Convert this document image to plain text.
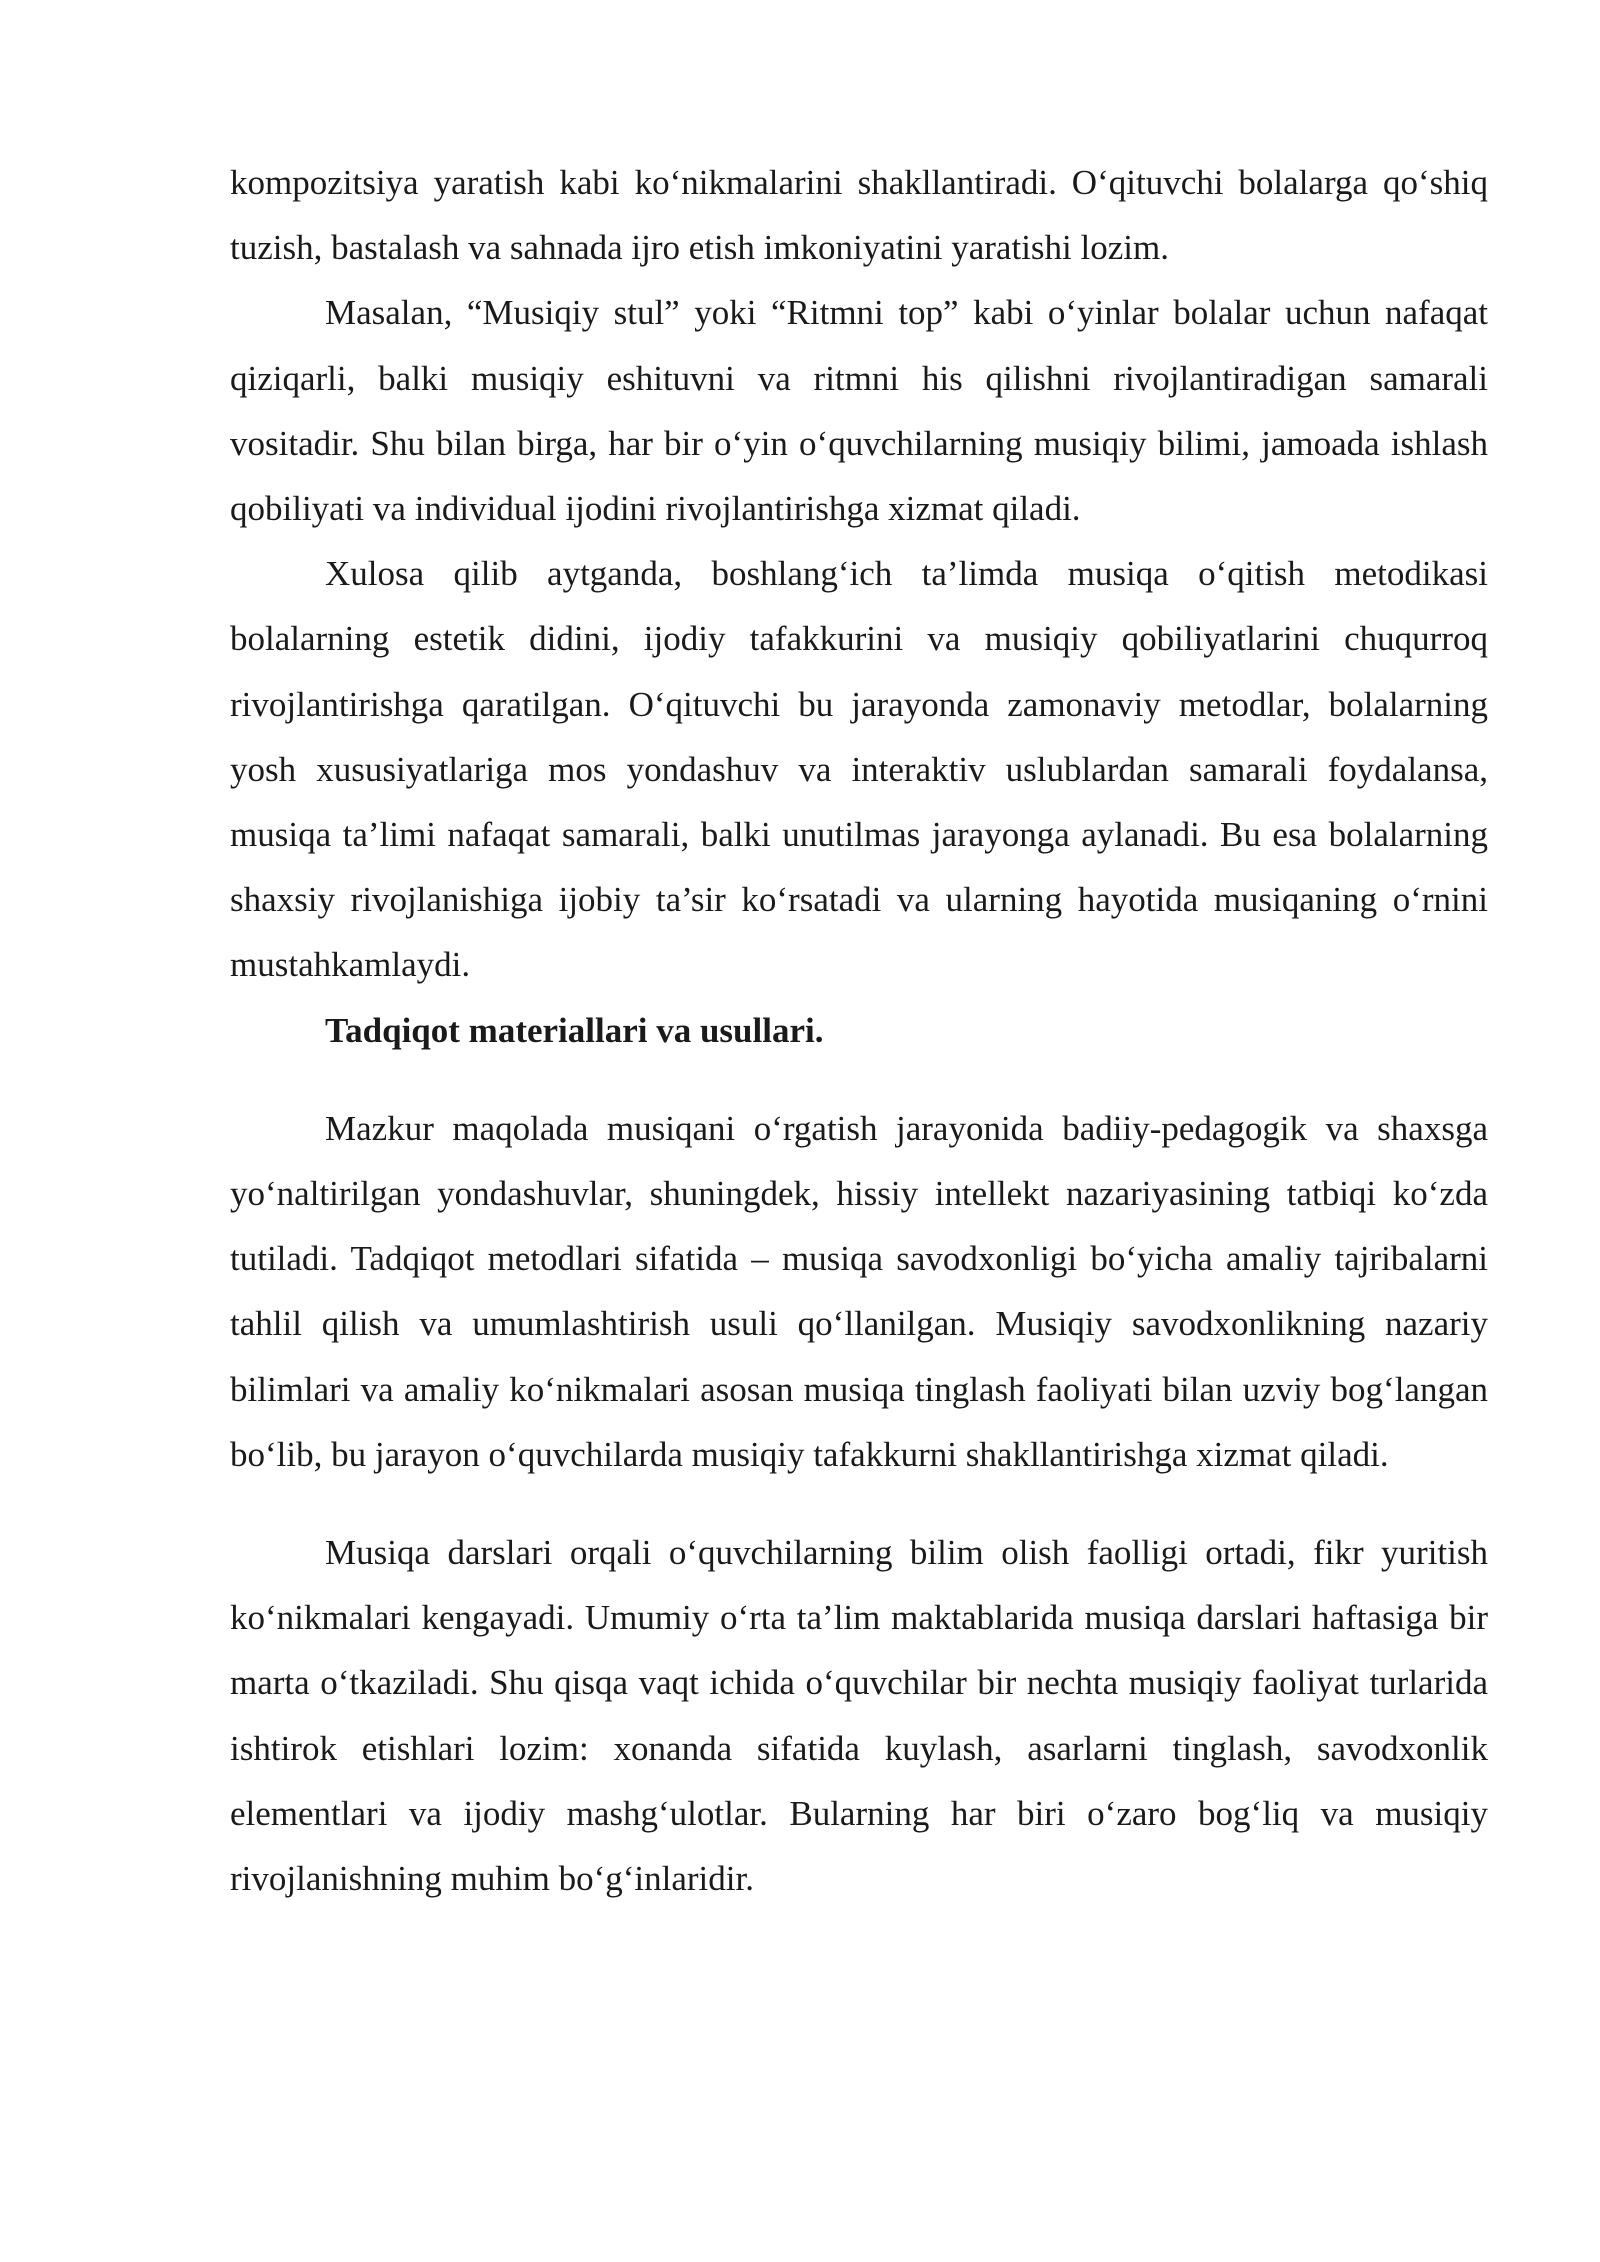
kompozitsiya yaratish kabi ko‘nikmalarini shakllantiradi. O‘qituvchi bolalarga qo‘shiq tuzish, bastalash va sahnada ijro etish imkoniyatini yaratishi lozim.

Masalan, “Musiqiy stul” yoki “Ritmni top” kabi o‘yinlar bolalar uchun nafaqat qiziqarli, balki musiqiy eshituvni va ritmni his qilishni rivojlantiradigan samarali vositadir. Shu bilan birga, har bir o‘yin o‘quvchilarning musiqiy bilimi, jamoada ishlash qobiliyati va individual ijodini rivojlantirishga xizmat qiladi.

Xulosa qilib aytganda, boshlang‘ich ta’limda musiqa o‘qitish metodikasi bolalarning estetik didini, ijodiy tafakkurini va musiqiy qobiliyatlarini chuqurroq rivojlantirishga qaratilgan. O‘qituvchi bu jarayonda zamonaviy metodlar, bolalarning yosh xususiyatlariga mos yondashuv va interaktiv uslublardan samarali foydalansa, musiqa ta’limi nafaqat samarali, balki unutilmas jarayonga aylanadi. Bu esa bolalarning shaxsiy rivojlanishiga ijobiy ta’sir ko‘rsatadi va ularning hayotida musiqaning o‘rnini mustahkamlaydi.

Tadqiqot materiallari va usullari.

Mazkur maqolada musiqani o‘rgatish jarayonida badiiy-pedagogik va shaxsga yo‘naltirilgan yondashuvlar, shuningdek, hissiy intellekt nazariyasining tatbiqi ko‘zda tutiladi. Tadqiqot metodlari sifatida – musiqa savodxonligi bo‘yicha amaliy tajribalarni tahlil qilish va umumlashtirish usuli qo‘llanilgan. Musiqiy savodxonlikning nazariy bilimlari va amaliy ko‘nikmalari asosan musiqa tinglash faoliyati bilan uzviy bog‘langan bo‘lib, bu jarayon o‘quvchilarda musiqiy tafakkurni shakllantirishga xizmat qiladi.

Musiqa darslari orqali o‘quvchilarning bilim olish faolligi ortadi, fikr yuritish ko‘nikmalari kengayadi. Umumiy o‘rta ta’lim maktablarida musiqa darslari haftasiga bir marta o‘tkaziladi. Shu qisqa vaqt ichida o‘quvchilar bir nechta musiqiy faoliyat turlarida ishtirok etishlari lozim: xonanda sifatida kuylash, asarlarni tinglash, savodxonlik elementlari va ijodiy mashg‘ulotlar. Bularning har biri o‘zaro bog‘liq va musiqiy rivojlanishning muhim bo‘g‘inlaridir.
